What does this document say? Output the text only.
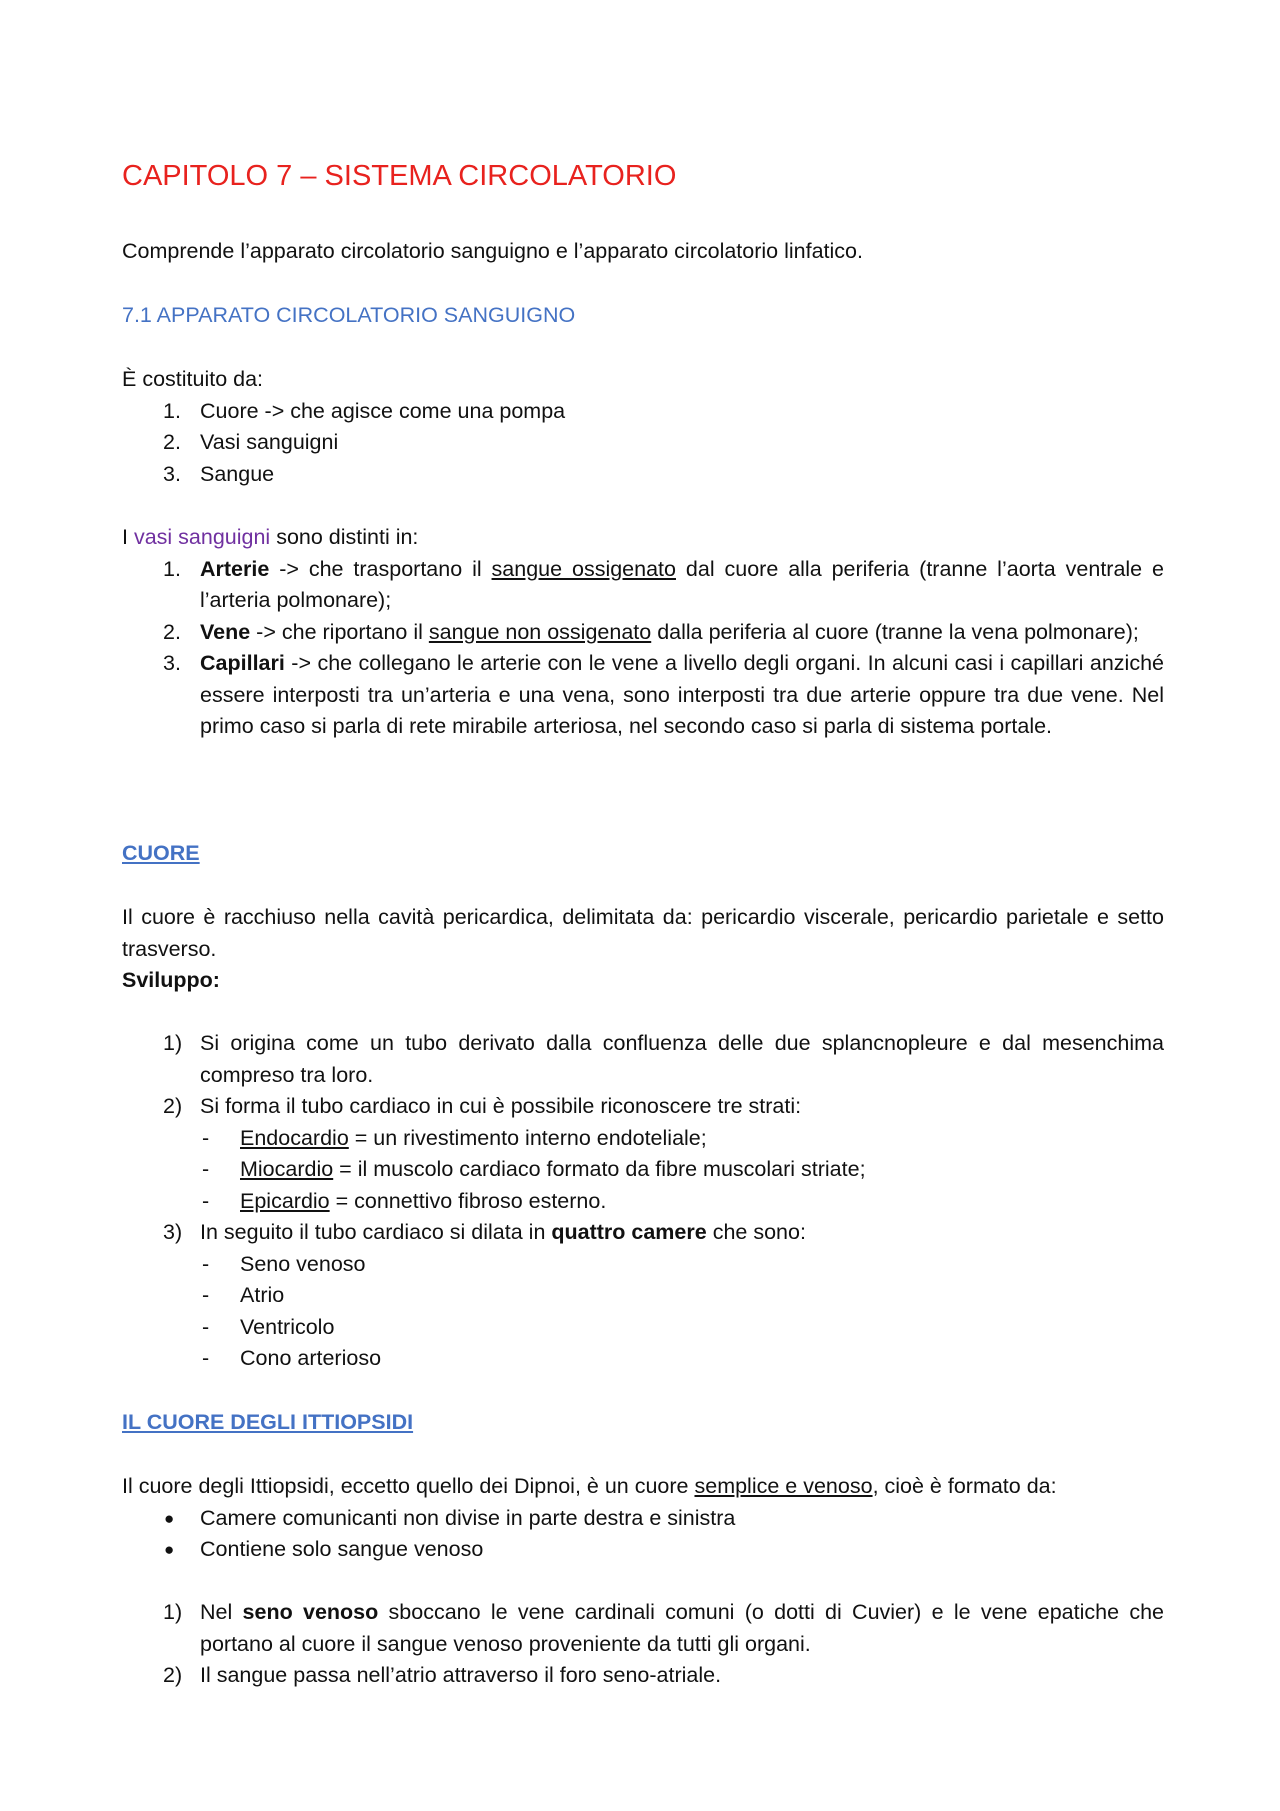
CAPITOLO 7 – SISTEMA CIRCOLATORIO

Comprende l’apparato circolatorio sanguigno e l’apparato circolatorio linfatico.

7.1 APPARATO CIRCOLATORIO SANGUIGNO

È costituito da:

1. Cuore -> che agisce come una pompa
2. Vasi sanguigni
3. Sangue

I vasi sanguigni sono distinti in:

1. Arterie -> che trasportano il sangue ossigenato dal cuore alla periferia (tranne l’aorta ventrale e l’arteria polmonare);
2. Vene -> che riportano il sangue non ossigenato dalla periferia al cuore (tranne la vena polmonare);
3. Capillari -> che collegano le arterie con le vene a livello degli organi. In alcuni casi i capillari anziché essere interposti tra un’arteria e una vena, sono interposti tra due arterie oppure tra due vene. Nel primo caso si parla di rete mirabile arteriosa, nel secondo caso si parla di sistema portale.

CUORE

Il cuore è racchiuso nella cavità pericardica, delimitata da: pericardio viscerale, pericardio parietale e setto trasverso.

Sviluppo:

1) Si origina come un tubo derivato dalla confluenza delle due splancnopleure e dal mesenchima compreso tra loro.
2) Si forma il tubo cardiaco in cui è possibile riconoscere tre strati:
- Endocardio = un rivestimento interno endoteliale;
- Miocardio = il muscolo cardiaco formato da fibre muscolari striate;
- Epicardio = connettivo fibroso esterno.
3) In seguito il tubo cardiaco si dilata in quattro camere che sono:
- Seno venoso
- Atrio
- Ventricolo
- Cono arterioso

IL CUORE DEGLI ITTIOPSIDI

Il cuore degli Ittiopsidi, eccetto quello dei Dipnoi, è un cuore semplice e venoso, cioè è formato da:

● Camere comunicanti non divise in parte destra e sinistra
● Contiene solo sangue venoso
1) Nel seno venoso sboccano le vene cardinali comuni (o dotti di Cuvier) e le vene epatiche che portano al cuore il sangue venoso proveniente da tutti gli organi.
2) Il sangue passa nell’atrio attraverso il foro seno-atriale.
